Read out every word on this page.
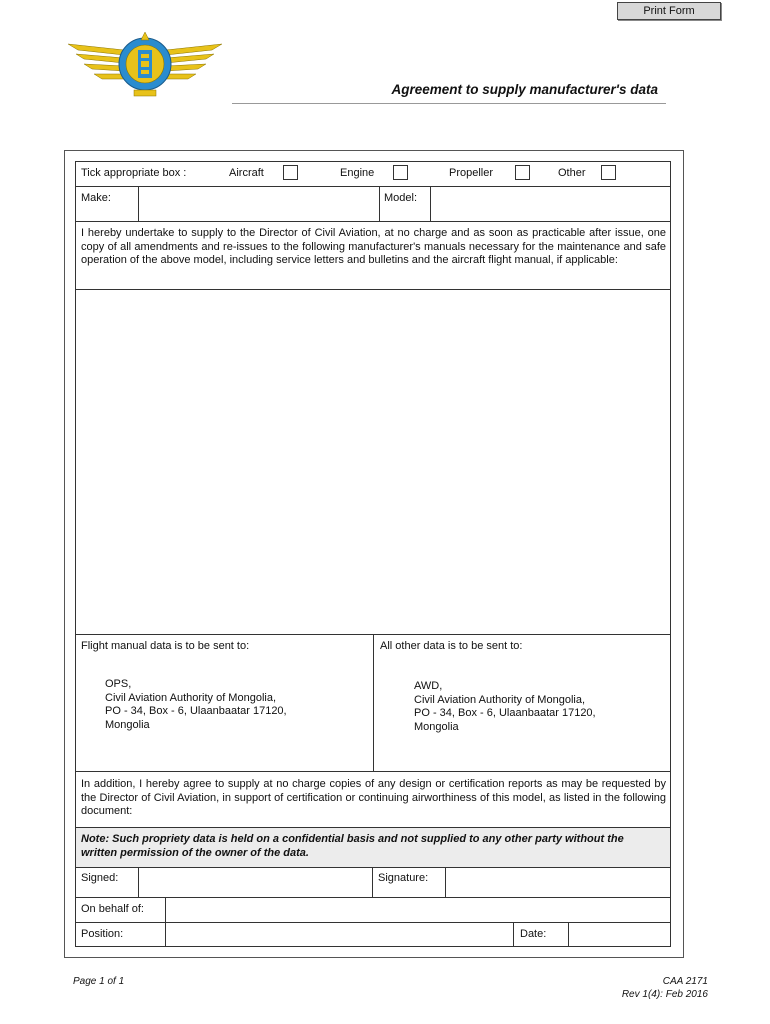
Print Form
Agreement to supply manufacturer's data
Tick appropriate box :	Aircraft	Engine	Propeller	Other
Make:	Model:
I hereby undertake to supply to the Director of Civil Aviation, at no charge and as soon as practicable after issue, one copy of all amendments and re-issues to the following manufacturer's manuals necessary for the maintenance and safe operation of the above model, including service letters and bulletins and the aircraft flight manual, if applicable:
Flight manual data is to be sent to:
OPS,
Civil Aviation Authority of Mongolia,
PO - 34, Box - 6, Ulaanbaatar 17120,
Mongolia
All other data is to be sent to:
AWD,
Civil Aviation Authority of Mongolia,
PO - 34, Box - 6, Ulaanbaatar 17120,
Mongolia
In addition, I hereby agree to supply at no charge copies of any design or certification reports as may be requested by the Director of Civil Aviation, in support of certification or continuing airworthiness of this model, as listed in the following document:
Note: Such propriety data is held on a confidential basis and not supplied to any other party without the written permission of the owner of the data.
Signed:	Signature:
On behalf of:
Position:	Date:
Page 1 of 1	CAA 2171
Rev 1(4): Feb 2016
